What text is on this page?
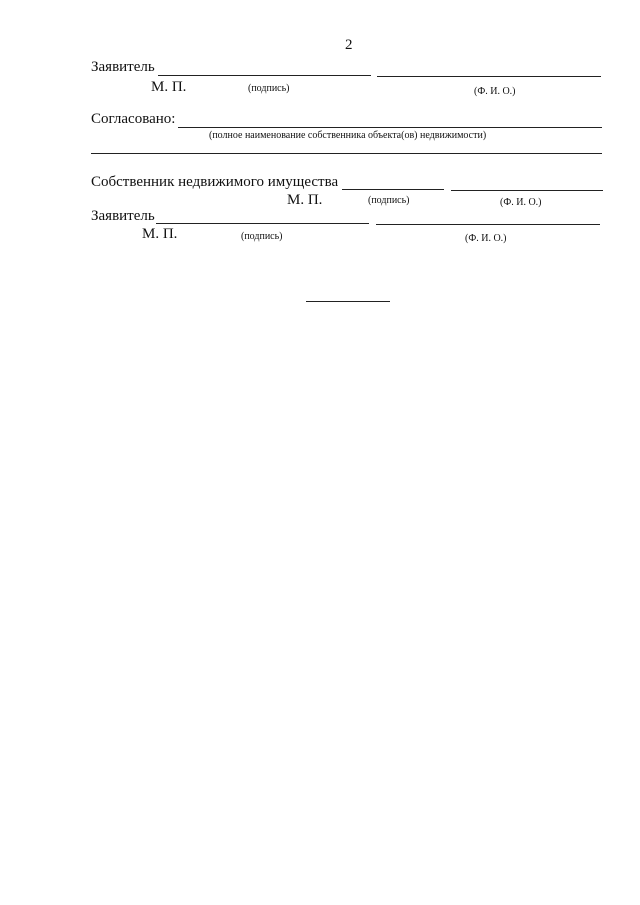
2
Заявитель
М. П.	(подпись)	(Ф. И. О.)
Согласовано:
(полное наименование собственника объекта(ов) недвижимости)
Собственник недвижимого имущества
М. П.	(подпись)	(Ф. И. О.)
Заявитель
М. П.	(подпись)	(Ф. И. О.)
